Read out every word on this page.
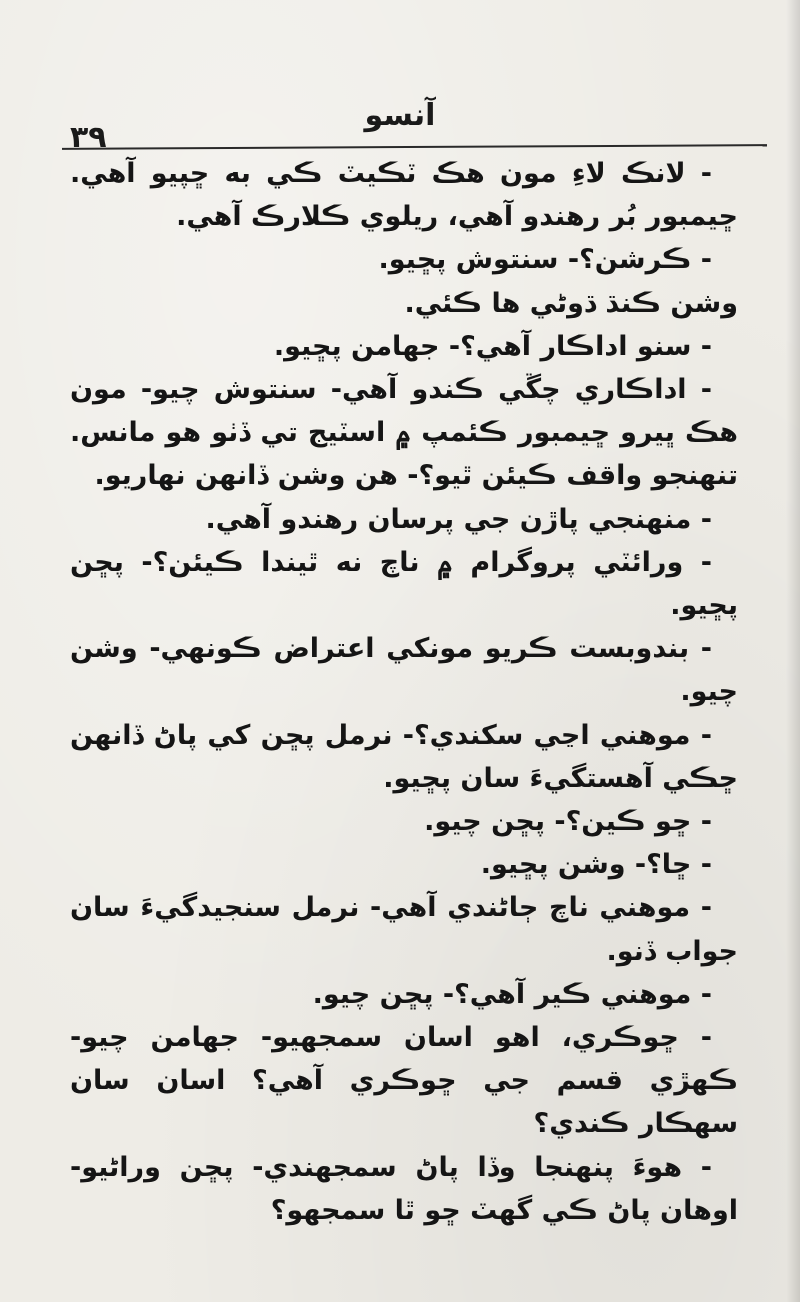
آنسو
٣٩

- لانڪ لاءِ مون هڪ ٽڪيٽ ڪي به ڇپيو آهي. ڇيمبور بُر رهندو آهي، ريلوي ڪلارڪ آهي.

- ڪرشن؟- سنتوش پڇيو.

وشن ڪنڌ ڌوڻي ها ڪئي.

- سنو اداڪار آهي؟- جهامن پڇيو.

- اداڪاري چڱي ڪندو آهي- سنتوش چيو- مون هڪ ڀيرو ڇيمبور ڪئمپ ۾ اسٽيج تي ڏٺو هو مانس. تنهنجو واقف ڪيئن ٿيو؟- هن وشن ڏانهن نهاريو.

- منهنجي پاڙن جي پرسان رهندو آهي.

- ورائٽي پروگرام ۾ ناچ نه ٿيندا ڪيئن؟- پڇن پڇيو.

- بندوبست ڪريو مونکي اعتراض ڪونهي- وشن چيو.

- موهني اڃي سکندي؟- نرمل پڇن کي پاڻ ڏانهن ڇڪي آهستگيءَ سان پڇيو.

- ڇو ڪين؟- پڇن چيو.

- ڇا؟- وشن پڇيو.

- موهني ناچ ڄاڻندي آهي- نرمل سنجيدگيءَ سان جواب ڏنو.

- موهني ڪير آهي؟- پڇن چيو.

- ڇوڪري، اهو اسان سمجهيو- جهامن چيو- ڪهڙي قسم جي ڇوڪري آهي؟ اسان سان سهڪار ڪندي؟

- هوءَ پنهنجا وڏا پاڻ سمجهندي- پڇن وراڻيو- اوهان پاڻ ڪي گهٽ ڇو ٿا سمجهو؟
